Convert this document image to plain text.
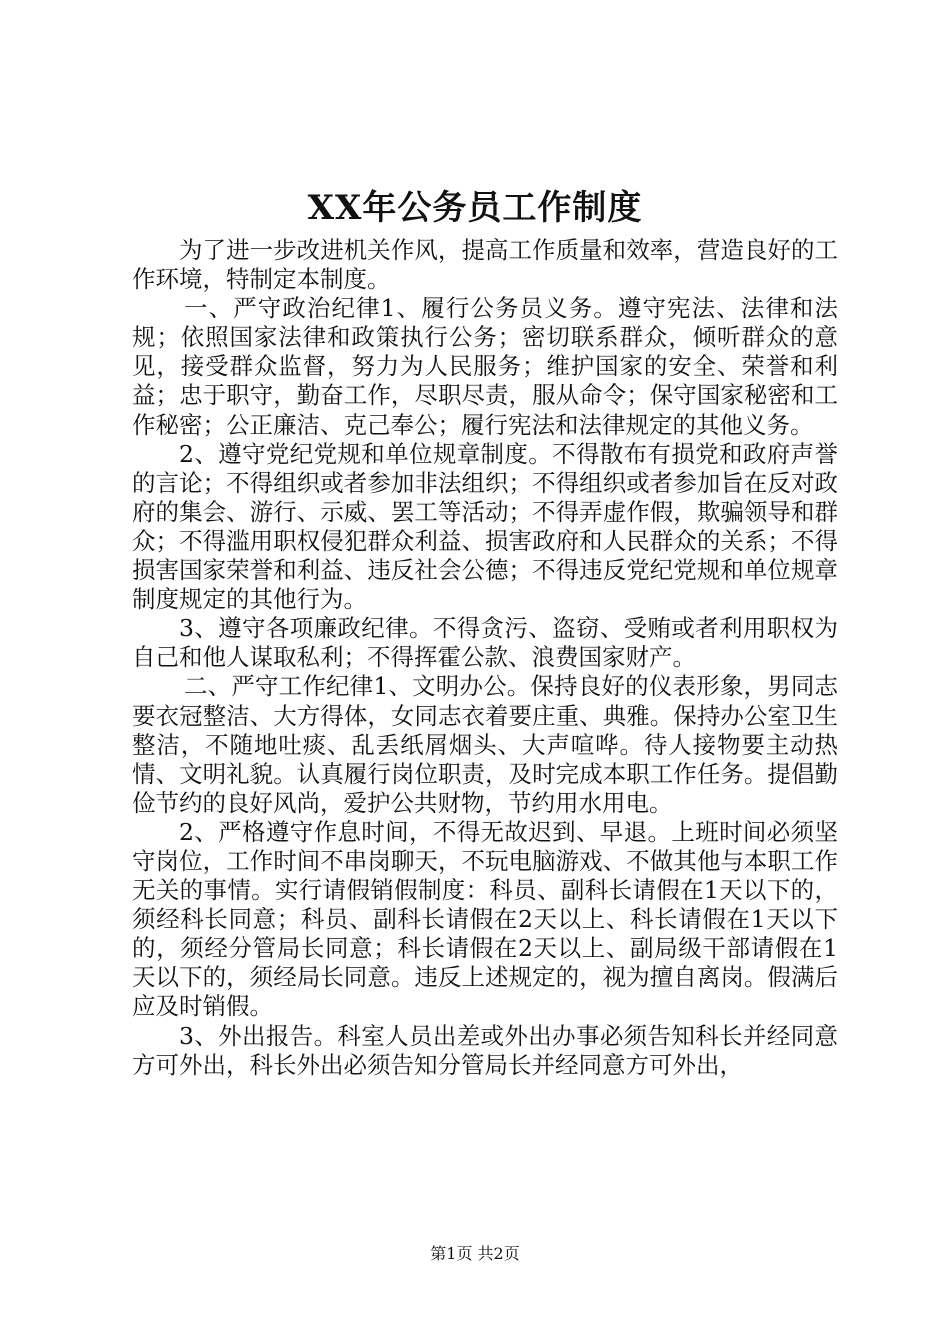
XX年公务员工作制度

为了进一步改进机关作风，提高工作质量和效率，营造良好的工作环境，特制定本制度。

一、严守政治纪律1、履行公务员义务。遵守宪法、法律和法规；依照国家法律和政策执行公务；密切联系群众，倾听群众的意见，接受群众监督，努力为人民服务；维护国家的安全、荣誉和利益；忠于职守，勤奋工作，尽职尽责，服从命令；保守国家秘密和工作秘密；公正廉洁、克己奉公；履行宪法和法律规定的其他义务。

2、遵守党纪党规和单位规章制度。不得散布有损党和政府声誉的言论；不得组织或者参加非法组织；不得组织或者参加旨在反对政府的集会、游行、示威、罢工等活动；不得弄虚作假，欺骗领导和群众；不得滥用职权侵犯群众利益、损害政府和人民群众的关系；不得损害国家荣誉和利益、违反社会公德；不得违反党纪党规和单位规章制度规定的其他行为。

3、遵守各项廉政纪律。不得贪污、盗窃、受贿或者利用职权为自己和他人谋取私利；不得挥霍公款、浪费国家财产。

二、严守工作纪律1、文明办公。保持良好的仪表形象，男同志要衣冠整洁、大方得体，女同志衣着要庄重、典雅。保持办公室卫生整洁，不随地吐痰、乱丢纸屑烟头、大声喧哗。待人接物要主动热情、文明礼貌。认真履行岗位职责，及时完成本职工作任务。提倡勤俭节约的良好风尚，爱护公共财物，节约用水用电。

2、严格遵守作息时间，不得无故迟到、早退。上班时间必须坚守岗位，工作时间不串岗聊天，不玩电脑游戏、不做其他与本职工作无关的事情。实行请假销假制度：科员、副科长请假在1天以下的，须经科长同意；科员、副科长请假在2天以上、科长请假在1天以下的，须经分管局长同意；科长请假在2天以上、副局级干部请假在1天以下的，须经局长同意。违反上述规定的，视为擅自离岗。假满后应及时销假。

3、外出报告。科室人员出差或外出办事必须告知科长并经同意方可外出，科长外出必须告知分管局长并经同意方可外出，

第1页 共2页
